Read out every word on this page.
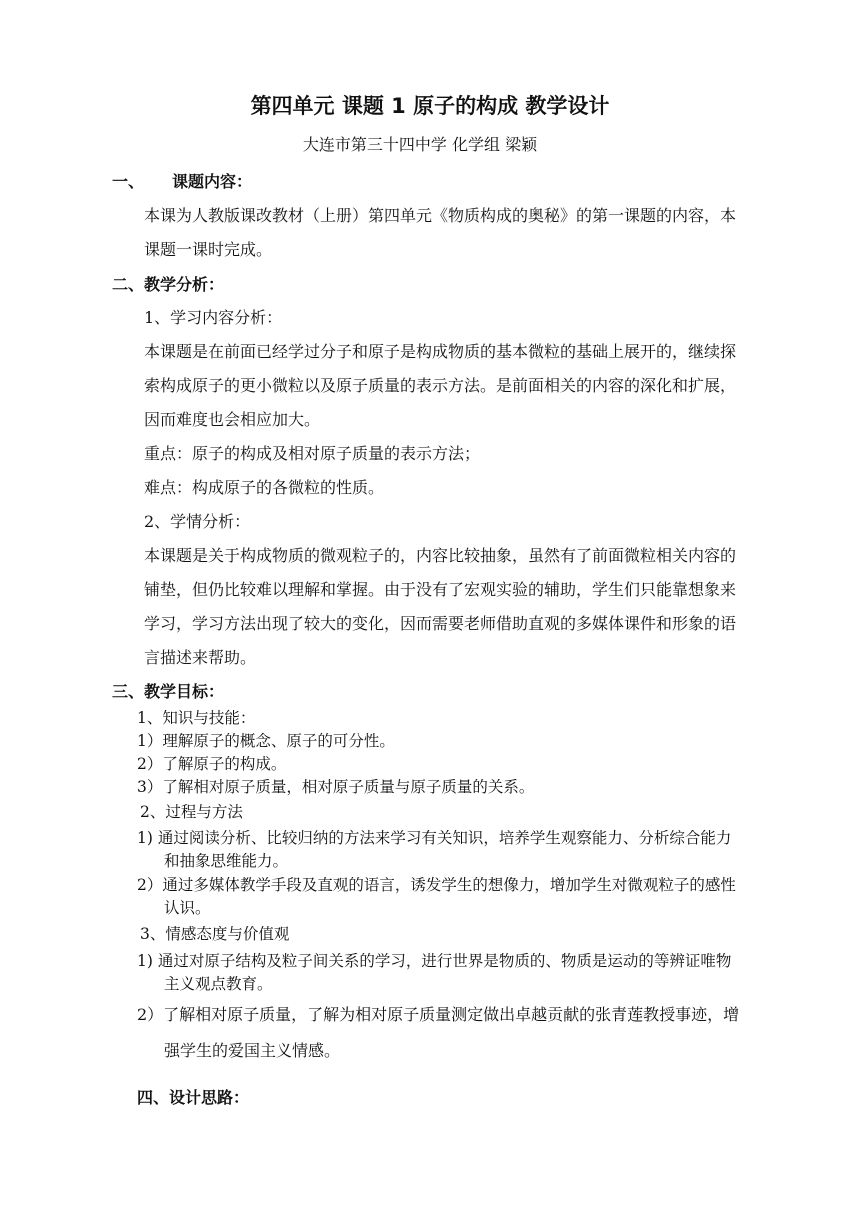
第四单元 课题 1 原子的构成 教学设计
大连市第三十四中学 化学组 梁颖
一、 课题内容：
本课为人教版课改教材（上册）第四单元《物质构成的奥秘》的第一课题的内容，本
课题一课时完成。
二、教学分析：
1、学习内容分析：
本课题是在前面已经学过分子和原子是构成物质的基本微粒的基础上展开的，继续探
索构成原子的更小微粒以及原子质量的表示方法。是前面相关的内容的深化和扩展，
因而难度也会相应加大。
重点：原子的构成及相对原子质量的表示方法；
难点：构成原子的各微粒的性质。
2、学情分析：
本课题是关于构成物质的微观粒子的，内容比较抽象，虽然有了前面微粒相关内容的
铺垫，但仍比较难以理解和掌握。由于没有了宏观实验的辅助，学生们只能靠想象来
学习，学习方法出现了较大的变化，因而需要老师借助直观的多媒体课件和形象的语
言描述来帮助。
三、教学目标：
1、知识与技能：
1）理解原子的概念、原子的可分性。
2）了解原子的构成。
3）了解相对原子质量，相对原子质量与原子质量的关系。
2、过程与方法
1) 通过阅读分析、比较归纳的方法来学习有关知识，培养学生观察能力、分析综合能力
和抽象思维能力。
2）通过多媒体教学手段及直观的语言，诱发学生的想像力，增加学生对微观粒子的感性
认识。
3、情感态度与价值观
1) 通过对原子结构及粒子间关系的学习，进行世界是物质的、物质是运动的等辨证唯物
主义观点教育。
2）了解相对原子质量，了解为相对原子质量测定做出卓越贡献的张青莲教授事迹，增
强学生的爱国主义情感。
四、设计思路：
